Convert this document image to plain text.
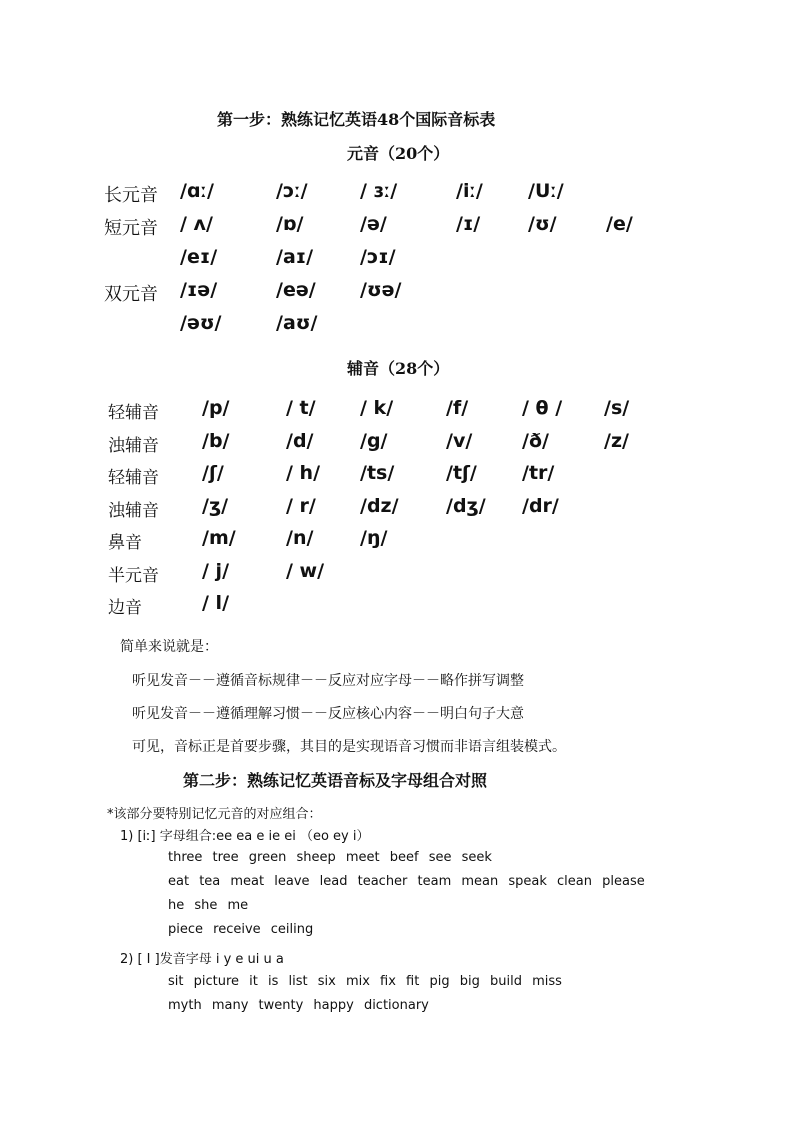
第一步：熟练记忆英语48个国际音标表
元音（20个）
长元音 /ɑː/	/ɔː/	/ ɜː/	/iː/ /Uː/
短元音 / ʌ/	/ɒ/	/ə/	/ɪ/	/ʊ/	/e/
/eɪ/	/aɪ/ /ɔɪ/
双元音 /ɪə/	/eə/ /ʊə/
/əʊ/	/aʊ/
辅音（28个）
轻辅音 /p/	/ t/ / k/	/f/	/ θ / /s/
浊辅音 /b/	/d/ /g/	/v/	/ð/	/z/
轻辅音 /ʃ/	/ h/ /ts/	/tʃ/ /tr/
浊辅音 /ʒ/	/ r/ /dz/ /dʒ/ /dr/
鼻音	/m/	/n/ /ŋ/
半元音 / j/	/ w/
边音	/ l/
简单来说就是：
听见发音－－遵循音标规律－－反应对应字母－－略作拼写调整
听见发音－－遵循理解习惯－－反应核心内容－－明白句子大意
可见，音标正是首要步骤，其目的是实现语音习惯而非语言组装模式。
第二步：熟练记忆英语音标及字母组合对照
*该部分要特别记忆元音的对应组合：
1) [iː] 字母组合:ee ea e ie ei （eo ey i）
three tree green sheep meet beef see seek
eat tea meat leave lead teacher team mean speak clean please
he she me
piece receive ceiling
2) [ I ]发音字母 i y e ui u a
sit picture it is list six mix fix fit pig big build miss
myth many twenty happy dictionary
